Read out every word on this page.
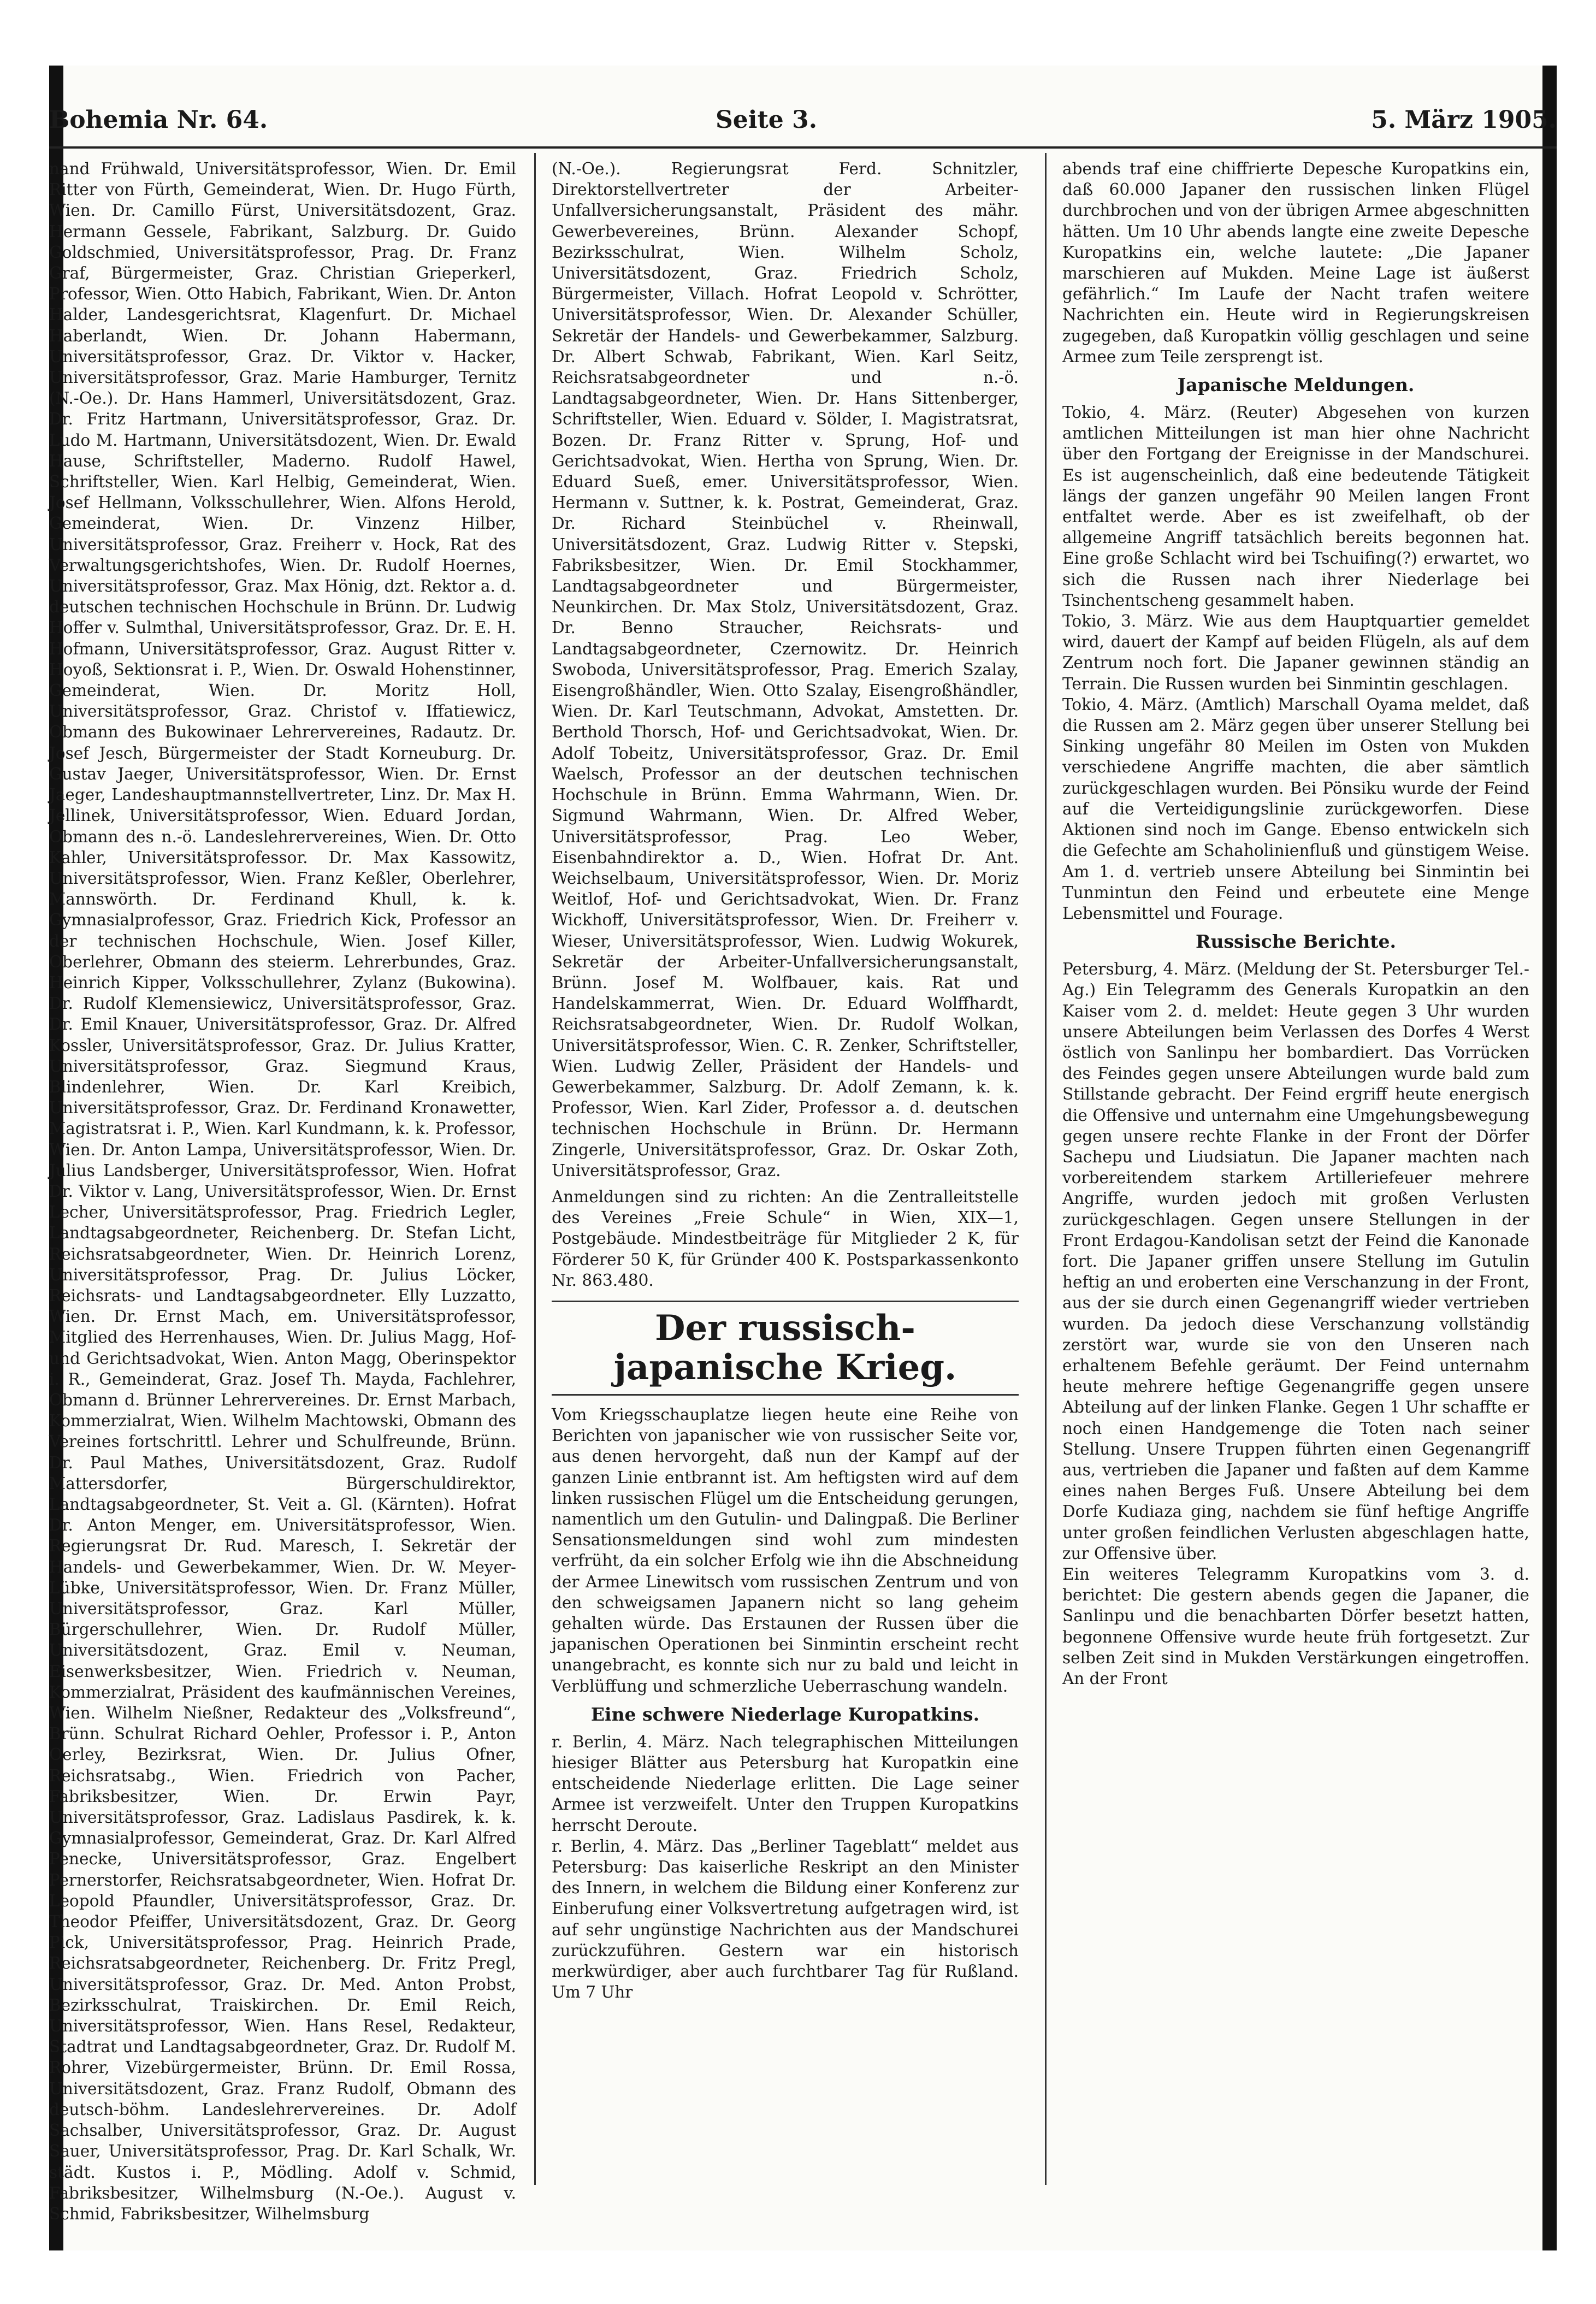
Bohemia Nr. 64.	Seite 3.	5. März 1905.

nand Frühwald, Universitätsprofessor, Wien. Dr. Emil Ritter von Fürth, Gemeinderat, Wien. Dr. Hugo Fürth, Wien. Dr. Camillo Fürst, Universitätsdozent, Graz. Hermann Gessele, Fabrikant, Salzburg. Dr. Guido Goldschmied, Universitätsprofessor, Prag. Dr. Franz Graf, Bürgermeister, Graz. Christian Grieperkerl, Professor, Wien. Otto Habich, Fabrikant, Wien. Dr. Anton Halder, Landesgerichtsrat, Klagenfurt. Dr. Michael Haberlandt, Wien. Dr. Johann Habermann, Universitätsprofessor, Graz. Dr. Viktor v. Hacker, Universitätsprofessor, Graz. Marie Hamburger, Ternitz (N.-Oe.). Dr. Hans Hammerl, Universitätsdozent, Graz. Dr. Fritz Hartmann, Universitätsprofessor, Graz. Dr. Ludo M. Hartmann, Universitätsdozent, Wien. Dr. Ewald Hause, Schriftsteller, Maderno. Rudolf Hawel, Schriftsteller, Wien. Karl Helbig, Gemeinderat, Wien. Josef Hellmann, Volksschullehrer, Wien. Alfons Herold, Gemeinderat, Wien. Dr. Vinzenz Hilber, Universitätsprofessor, Graz. Freiherr v. Hock, Rat des Verwaltungsgerichtshofes, Wien. Dr. Rudolf Hoernes, Universitätsprofessor, Graz. Max Hönig, dzt. Rektor a. d. deutschen technischen Hochschule in Brünn. Dr. Ludwig Hoffer v. Sulmthal, Universitätsprofessor, Graz. Dr. E. H. Hofmann, Universitätsprofessor, Graz. August Ritter v. Hoyoß, Sektionsrat i. P., Wien. Dr. Oswald Hohenstinner, Gemeinderat, Wien. Dr. Moritz Holl, Universitätsprofessor, Graz. Christof v. Iffatiewicz, Obmann des Bukowinaer Lehrervereines, Radautz. Dr. Josef Jesch, Bürgermeister der Stadt Korneuburg. Dr. Gustav Jaeger, Universitätsprofessor, Wien. Dr. Ernst Jaeger, Landeshauptmannstellvertreter, Linz. Dr. Max H. Jellinek, Universitätsprofessor, Wien. Eduard Jordan, Obmann des n.-ö. Landeslehrervereines, Wien. Dr. Otto Kahler, Universitätsprofessor. Dr. Max Kassowitz, Universitätsprofessor, Wien. Franz Keßler, Oberlehrer, Mannswörth. Dr. Ferdinand Khull, k. k. Gymnasialprofessor, Graz. Friedrich Kick, Professor an der technischen Hochschule, Wien. Josef Killer, Oberlehrer, Obmann des steierm. Lehrerbundes, Graz. Heinrich Kipper, Volksschullehrer, Zylanz (Bukowina). Dr. Rudolf Klemensiewicz, Universitätsprofessor, Graz. Dr. Emil Knauer, Universitätsprofessor, Graz. Dr. Alfred Kossler, Universitätsprofessor, Graz. Dr. Julius Kratter, Universitätsprofessor, Graz. Siegmund Kraus, Blindenlehrer, Wien. Dr. Karl Kreibich, Universitätsprofessor, Graz. Dr. Ferdinand Kronawetter, Magistratsrat i. P., Wien. Karl Kundmann, k. k. Professor, Wien. Dr. Anton Lampa, Universitätsprofessor, Wien. Dr. Julius Landsberger, Universitätsprofessor, Wien. Hofrat Dr. Viktor v. Lang, Universitätsprofessor, Wien. Dr. Ernst Lecher, Universitätsprofessor, Prag. Friedrich Legler, Landtagsabgeordneter, Reichenberg. Dr. Stefan Licht, Reichsratsabgeordneter, Wien. Dr. Heinrich Lorenz, Universitätsprofessor, Prag. Dr. Julius Löcker, Reichsrats- und Landtagsabgeordneter. Elly Luzzatto, Wien. Dr. Ernst Mach, em. Universitätsprofessor, Mitglied des Herrenhauses, Wien. Dr. Julius Magg, Hof- und Gerichtsadvokat, Wien. Anton Magg, Oberinspektor i. R., Gemeinderat, Graz. Josef Th. Mayda, Fachlehrer, Obmann d. Brünner Lehrervereines. Dr. Ernst Marbach, Kommerzialrat, Wien. Wilhelm Machtowski, Obmann des Vereines fortschrittl. Lehrer und Schulfreunde, Brünn. Dr. Paul Mathes, Universitätsdozent, Graz. Rudolf Mattersdorfer, Bürgerschuldirektor, Landtagsabgeordneter, St. Veit a. Gl. (Kärnten). Hofrat Dr. Anton Menger, em. Universitätsprofessor, Wien. Regierungsrat Dr. Rud. Maresch, I. Sekretär der Handels- und Gewerbekammer, Wien. Dr. W. Meyer-Lübke, Universitätsprofessor, Wien. Dr. Franz Müller, Universitätsprofessor, Graz. Karl Müller, Bürgerschullehrer, Wien. Dr. Rudolf Müller, Universitätsdozent, Graz. Emil v. Neuman, Eisenwerksbesitzer, Wien. Friedrich v. Neuman, Kommerzialrat, Präsident des kaufmännischen Vereines, Wien. Wilhelm Nießner, Redakteur des „Volksfreund“, Brünn. Schulrat Richard Oehler, Professor i. P., Anton Oerley, Bezirksrat, Wien. Dr. Julius Ofner, Reichsratsabg., Wien. Friedrich von Pacher, Fabriksbesitzer, Wien. Dr. Erwin Payr, Universitätsprofessor, Graz. Ladislaus Pasdirek, k. k. Gymnasialprofessor, Gemeinderat, Graz. Dr. Karl Alfred Penecke, Universitätsprofessor, Graz. Engelbert Pernerstorfer, Reichsratsabgeordneter, Wien. Hofrat Dr. Leopold Pfaundler, Universitätsprofessor, Graz. Dr. Theodor Pfeiffer, Universitätsdozent, Graz. Dr. Georg Pick, Universitätsprofessor, Prag. Heinrich Prade, Reichsratsabgeordneter, Reichenberg. Dr. Fritz Pregl, Universitätsprofessor, Graz. Dr. Med. Anton Probst, Bezirksschulrat, Traiskirchen. Dr. Emil Reich, Universitätsprofessor, Wien. Hans Resel, Redakteur, Stadtrat und Landtagsabgeordneter, Graz. Dr. Rudolf M. Rohrer, Vizebürgermeister, Brünn. Dr. Emil Rossa, Universitätsdozent, Graz. Franz Rudolf, Obmann des deutsch-böhm. Landeslehrervereines. Dr. Adolf Sachsalber, Universitätsprofessor, Graz. Dr. August Sauer, Universitätsprofessor, Prag. Dr. Karl Schalk, Wr. städt. Kustos i. P., Mödling. Adolf v. Schmid, Fabriksbesitzer, Wilhelmsburg (N.-Oe.). August v. Schmid, Fabriksbesitzer, Wilhelmsburg

(N.-Oe.). Regierungsrat Ferd. Schnitzler, Direktorstellvertreter der Arbeiter-Unfallversicherungsanstalt, Präsident des mähr. Gewerbevereines, Brünn. Alexander Schopf, Bezirksschulrat, Wien. Wilhelm Scholz, Universitätsdozent, Graz. Friedrich Scholz, Bürgermeister, Villach. Hofrat Leopold v. Schrötter, Universitätsprofessor, Wien. Dr. Alexander Schüller, Sekretär der Handels- und Gewerbekammer, Salzburg. Dr. Albert Schwab, Fabrikant, Wien. Karl Seitz, Reichsratsabgeordneter und n.-ö. Landtagsabgeordneter, Wien. Dr. Hans Sittenberger, Schriftsteller, Wien. Eduard v. Sölder, I. Magistratsrat, Bozen. Dr. Franz Ritter v. Sprung, Hof- und Gerichtsadvokat, Wien. Hertha von Sprung, Wien. Dr. Eduard Sueß, emer. Universitätsprofessor, Wien. Hermann v. Suttner, k. k. Postrat, Gemeinderat, Graz. Dr. Richard Steinbüchel v. Rheinwall, Universitätsdozent, Graz. Ludwig Ritter v. Stepski, Fabriksbesitzer, Wien. Dr. Emil Stockhammer, Landtagsabgeordneter und Bürgermeister, Neunkirchen. Dr. Max Stolz, Universitätsdozent, Graz. Dr. Benno Straucher, Reichsrats- und Landtagsabgeordneter, Czernowitz. Dr. Heinrich Swoboda, Universitätsprofessor, Prag. Emerich Szalay, Eisengroßhändler, Wien. Otto Szalay, Eisengroßhändler, Wien. Dr. Karl Teutschmann, Advokat, Amstetten. Dr. Berthold Thorsch, Hof- und Gerichtsadvokat, Wien. Dr. Adolf Tobeitz, Universitätsprofessor, Graz. Dr. Emil Waelsch, Professor an der deutschen technischen Hochschule in Brünn. Emma Wahrmann, Wien. Dr. Sigmund Wahrmann, Wien. Dr. Alfred Weber, Universitätsprofessor, Prag. Leo Weber, Eisenbahndirektor a. D., Wien. Hofrat Dr. Ant. Weichselbaum, Universitätsprofessor, Wien. Dr. Moriz Weitlof, Hof- und Gerichtsadvokat, Wien. Dr. Franz Wickhoff, Universitätsprofessor, Wien. Dr. Freiherr v. Wieser, Universitätsprofessor, Wien. Ludwig Wokurek, Sekretär der Arbeiter-Unfallversicherungsanstalt, Brünn. Josef M. Wolfbauer, kais. Rat und Handelskammerrat, Wien. Dr. Eduard Wolffhardt, Reichsratsabgeordneter, Wien. Dr. Rudolf Wolkan, Universitätsprofessor, Wien. C. R. Zenker, Schriftsteller, Wien. Ludwig Zeller, Präsident der Handels- und Gewerbekammer, Salzburg. Dr. Adolf Zemann, k. k. Professor, Wien. Karl Zider, Professor a. d. deutschen technischen Hochschule in Brünn. Dr. Hermann Zingerle, Universitätsprofessor, Graz. Dr. Oskar Zoth, Universitätsprofessor, Graz.

Anmeldungen sind zu richten: An die Zentralleitstelle des Vereines „Freie Schule“ in Wien, XIX—1, Postgebäude. Mindestbeiträge für Mitglieder 2 K, für Förderer 50 K, für Gründer 400 K. Postsparkassenkonto Nr. 863.480.

Der russisch-japanische Krieg.

Vom Kriegsschauplatze liegen heute eine Reihe von Berichten von japanischer wie von russischer Seite vor, aus denen hervorgeht, daß nun der Kampf auf der ganzen Linie entbrannt ist. Am heftigsten wird auf dem linken russischen Flügel um die Entscheidung gerungen, namentlich um den Gutulin- und Dalingpaß. Die Berliner Sensationsmeldungen sind wohl zum mindesten verfrüht, da ein solcher Erfolg wie ihn die Abschneidung der Armee Linewitsch vom russischen Zentrum und von den schweigsamen Japanern nicht so lang geheim gehalten würde. Das Erstaunen der Russen über die japanischen Operationen bei Sinmintin erscheint recht unangebracht, es konnte sich nur zu bald und leicht in Verblüffung und schmerzliche Ueberraschung wandeln.

Eine schwere Niederlage Kuropatkins.

r. Berlin, 4. März. Nach telegraphischen Mitteilungen hiesiger Blätter aus Petersburg hat Kuropatkin eine entscheidende Niederlage erlitten. Die Lage seiner Armee ist verzweifelt. Unter den Truppen Kuropatkins herrscht Deroute.

r. Berlin, 4. März. Das „Berliner Tageblatt“ meldet aus Petersburg: Das kaiserliche Reskript an den Minister des Innern, in welchem die Bildung einer Konferenz zur Einberufung einer Volksvertretung aufgetragen wird, ist auf sehr ungünstige Nachrichten aus der Mandschurei zurückzuführen. Gestern war ein historisch merkwürdiger, aber auch furchtbarer Tag für Rußland. Um 7 Uhr

abends traf eine chiffrierte Depesche Kuropatkins ein, daß 60.000 Japaner den russischen linken Flügel durchbrochen und von der übrigen Armee abgeschnitten hätten. Um 10 Uhr abends langte eine zweite Depesche Kuropatkins ein, welche lautete: „Die Japaner marschieren auf Mukden. Meine Lage ist äußerst gefährlich.“ Im Laufe der Nacht trafen weitere Nachrichten ein. Heute wird in Regierungskreisen zugegeben, daß Kuropatkin völlig geschlagen und seine Armee zum Teile zersprengt ist.

Japanische Meldungen.

Tokio, 4. März. (Reuter) Abgesehen von kurzen amtlichen Mitteilungen ist man hier ohne Nachricht über den Fortgang der Ereignisse in der Mandschurei. Es ist augenscheinlich, daß eine bedeutende Tätigkeit längs der ganzen ungefähr 90 Meilen langen Front entfaltet werde. Aber es ist zweifelhaft, ob der allgemeine Angriff tatsächlich bereits begonnen hat. Eine große Schlacht wird bei Tschuifing(?) erwartet, wo sich die Russen nach ihrer Niederlage bei Tsinchentscheng gesammelt haben.

Tokio, 3. März. Wie aus dem Hauptquartier gemeldet wird, dauert der Kampf auf beiden Flügeln, als auf dem Zentrum noch fort. Die Japaner gewinnen ständig an Terrain. Die Russen wurden bei Sinmintin geschlagen.

Tokio, 4. März. (Amtlich) Marschall Oyama meldet, daß die Russen am 2. März gegen über unserer Stellung bei Sinking ungefähr 80 Meilen im Osten von Mukden verschiedene Angriffe machten, die aber sämtlich zurückgeschlagen wurden. Bei Pönsiku wurde der Feind auf die Verteidigungslinie zurückgeworfen. Diese Aktionen sind noch im Gange. Ebenso entwickeln sich die Gefechte am Schaholinienfluß und günstigem Weise. Am 1. d. vertrieb unsere Abteilung bei Sinmintin bei Tunmintun den Feind und erbeutete eine Menge Lebensmittel und Fourage.

Russische Berichte.

Petersburg, 4. März. (Meldung der St. Petersburger Tel.-Ag.) Ein Telegramm des Generals Kuropatkin an den Kaiser vom 2. d. meldet: Heute gegen 3 Uhr wurden unsere Abteilungen beim Verlassen des Dorfes 4 Werst östlich von Sanlinpu her bombardiert. Das Vorrücken des Feindes gegen unsere Abteilungen wurde bald zum Stillstande gebracht. Der Feind ergriff heute energisch die Offensive und unternahm eine Umgehungsbewegung gegen unsere rechte Flanke in der Front der Dörfer Sachepu und Liudsiatun. Die Japaner machten nach vorbereitendem starkem Artilleriefeuer mehrere Angriffe, wurden jedoch mit großen Verlusten zurückgeschlagen. Gegen unsere Stellungen in der Front Erdagou-Kandolisan setzt der Feind die Kanonade fort. Die Japaner griffen unsere Stellung im Gutulin heftig an und eroberten eine Verschanzung in der Front, aus der sie durch einen Gegenangriff wieder vertrieben wurden. Da jedoch diese Verschanzung vollständig zerstört war, wurde sie von den Unseren nach erhaltenem Befehle geräumt. Der Feind unternahm heute mehrere heftige Gegenangriffe gegen unsere Abteilung auf der linken Flanke. Gegen 1 Uhr schaffte er noch einen Handgemenge die Toten nach seiner Stellung. Unsere Truppen führten einen Gegenangriff aus, vertrieben die Japaner und faßten auf dem Kamme eines nahen Berges Fuß. Unsere Abteilung bei dem Dorfe Kudiaza ging, nachdem sie fünf heftige Angriffe unter großen feindlichen Verlusten abgeschlagen hatte, zur Offensive über.

Ein weiteres Telegramm Kuropatkins vom 3. d. berichtet: Die gestern abends gegen die Japaner, die Sanlinpu und die benachbarten Dörfer besetzt hatten, begonnene Offensive wurde heute früh fortgesetzt. Zur selben Zeit sind in Mukden Verstärkungen eingetroffen. An der Front
